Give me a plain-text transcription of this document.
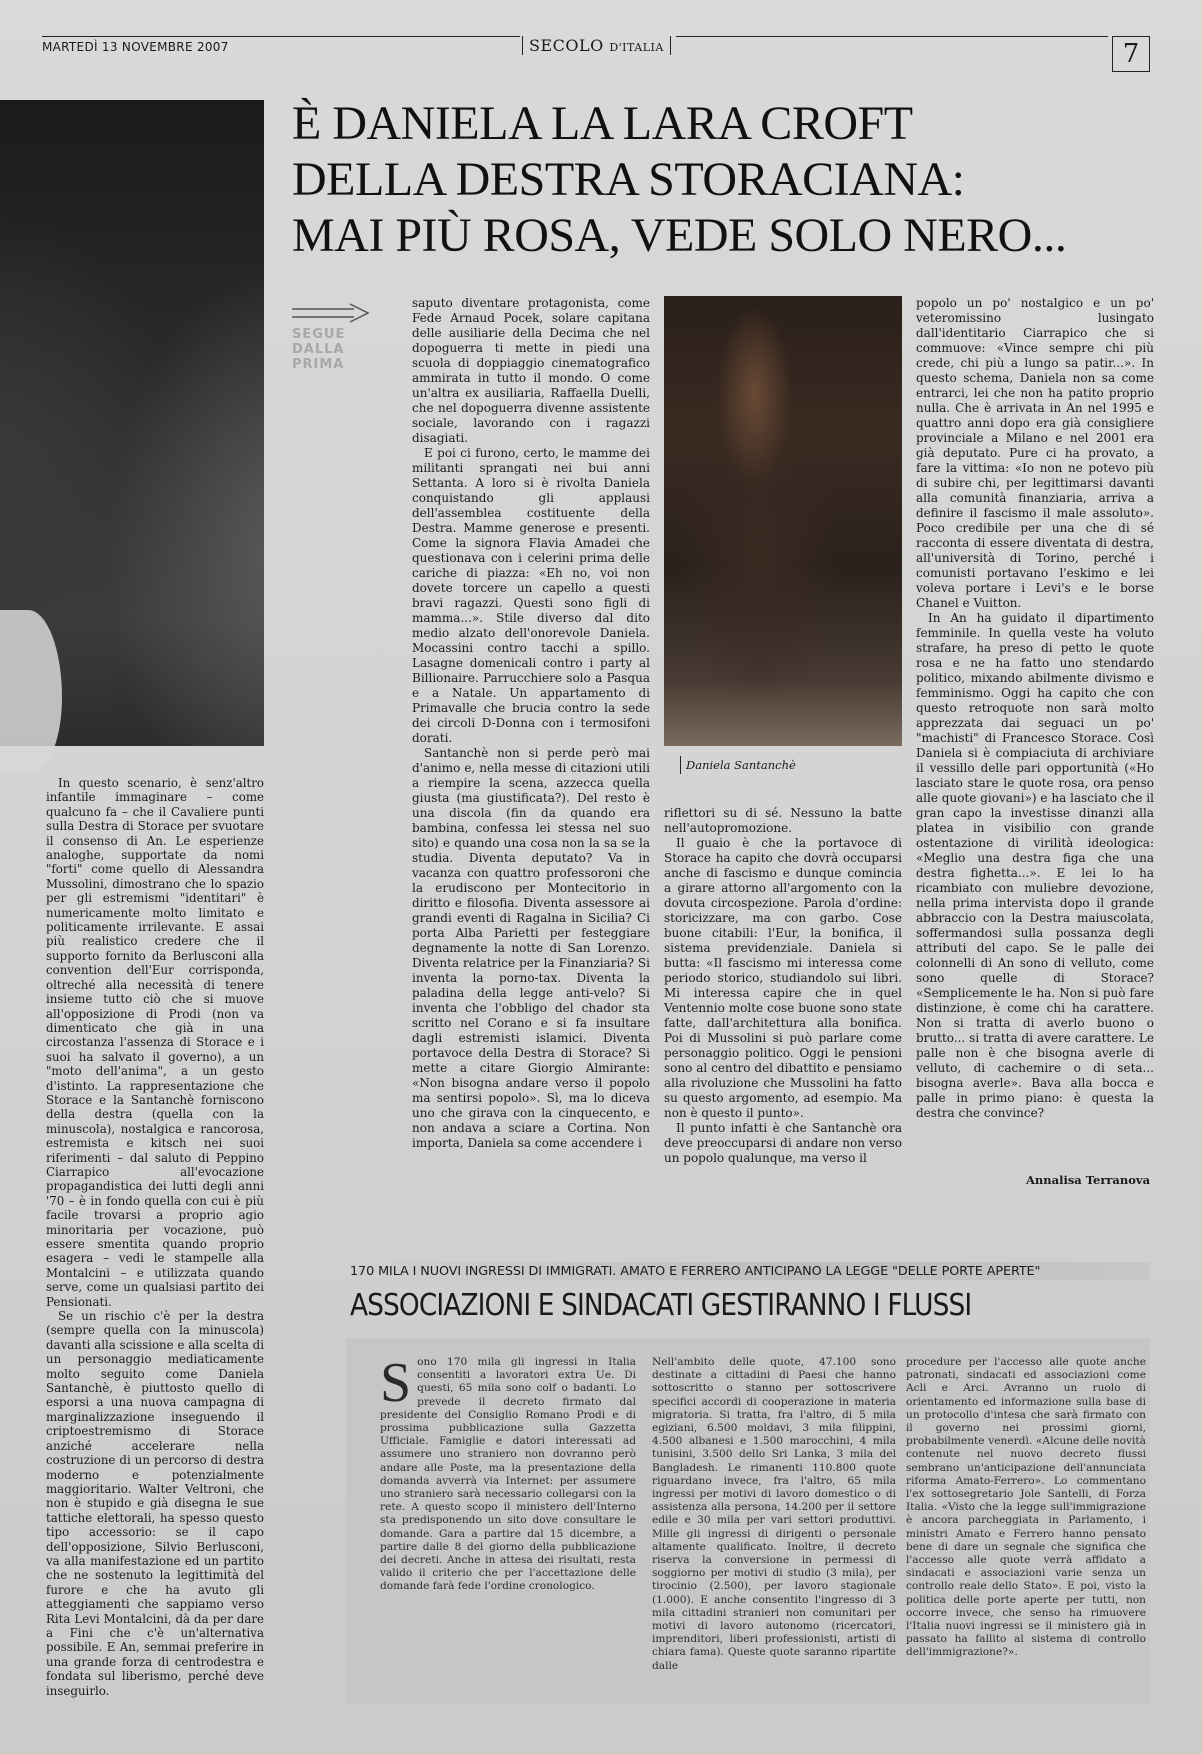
MARTEDÌ 13 NOVEMBRE 2007	SECOLO D'ITALIA	7
È DANIELA LA LARA CROFT
DELLA DESTRA STORACIANA:
MAI PIÙ ROSA, VEDE SOLO NERO...
SEGUE
DALLA
PRIMA

In questo scenario, è senz'altro infantile immaginare – come qualcuno fa – che il Cavaliere punti sulla Destra di Storace per svuotare il consenso di An. Le esperienze analoghe, supportate da nomi "forti" come quello di Alessandra Mussolini, dimostrano che lo spazio per gli estremismi "identitari" è numericamente molto limitato e politicamente irrilevante. E assai più realistico credere che il supporto fornito da Berlusconi alla convention dell'Eur corrisponda, oltreché alla necessità di tenere insieme tutto ciò che si muove all'opposizione di Prodi (non va dimenticato che già in una circostanza l'assenza di Storace e i suoi ha salvato il governo), a un "moto dell'anima", a un gesto d'istinto. La rappresentazione che Storace e la Santanchè forniscono della destra (quella con la minuscola), nostalgica e rancorosa, estremista e kitsch nei suoi riferimenti – dal saluto di Peppino Ciarrapico all'evocazione propagandistica dei lutti degli anni '70 – è in fondo quella con cui è più facile trovarsi a proprio agio minoritaria per vocazione, può essere smentita quando proprio esagera – vedi le stampelle alla Montalcini – e utilizzata quando serve, come un qualsiasi partito dei Pensionati.

Se un rischio c'è per la destra (sempre quella con la minuscola) davanti alla scissione e alla scelta di un personaggio mediaticamente molto seguito come Daniela Santanchè, è piuttosto quello di esporsi a una nuova campagna di marginalizzazione inseguendo il criptoestremismo di Storace anziché accelerare nella costruzione di un percorso di destra moderno e potenzialmente maggioritario. Walter Veltroni, che non è stupido e già disegna le sue tattiche elettorali, ha spesso questo tipo accessorio: se il capo dell'opposizione, Silvio Berlusconi, va alla manifestazione ed un partito che ne sostenuto la legittimità del furore e che ha avuto gli atteggiamenti che sappiamo verso Rita Levi Montalcini, dà da per dare a Fini che c'è un'alternativa possibile. E An, semmai preferire in una grande forza di centrodestra e fondata sul liberismo, perché deve inseguirlo.

saputo diventare protagonista, come Fede Arnaud Pocek, solare capitana delle ausiliarie della Decima che nel dopoguerra ti mette in piedi una scuola di doppiaggio cinematografico ammirata in tutto il mondo. O come un'altra ex ausiliaria, Raffaella Duelli, che nel dopoguerra divenne assistente sociale, lavorando con i ragazzi disagiati.

E poi ci furono, certo, le mamme dei militanti sprangati nei bui anni Settanta. A loro si è rivolta Daniela conquistando gli applausi dell'assemblea costituente della Destra. Mamme generose e presenti. Come la signora Flavia Amadei che questionava con i celerini prima delle cariche di piazza: «Eh no, voi non dovete torcere un capello a questi bravi ragazzi. Questi sono figli di mamma...». Stile diverso dal dito medio alzato dell'onorevole Daniela. Mocassini contro tacchi a spillo. Lasagne domenicali contro i party al Billionaire. Parrucchiere solo a Pasqua e a Natale. Un appartamento di Primavalle che brucia contro la sede dei circoli D-Donna con i termosifoni dorati.

Santanchè non si perde però mai d'animo e, nella messe di citazioni utili a riempire la scena, azzecca quella giusta (ma giustificata?). Del resto è una discola (fin da quando era bambina, confessa lei stessa nel suo sito) e quando una cosa non la sa se la studia. Diventa deputato? Va in vacanza con quattro professoroni che la erudiscono per Montecitorio in diritto e filosofia. Diventa assessore ai grandi eventi di Ragalna in Sicilia? Ci porta Alba Parietti per festeggiare degnamente la notte di San Lorenzo. Diventa relatrice per la Finanziaria? Si inventa la porno-tax. Diventa la paladina della legge anti-velo? Si inventa che l'obbligo del chador sta scritto nel Corano e si fa insultare dagli estremisti islamici. Diventa portavoce della Destra di Storace? Si mette a citare Giorgio Almirante: «Non bisogna andare verso il popolo ma sentirsi popolo». Sì, ma lo diceva uno che girava con la cinquecento, e non andava a sciare a Cortina. Non importa, Daniela sa come accendere i

Daniela Santanchè

riflettori su di sé. Nessuno la batte nell'autopromozione.

Il guaio è che la portavoce di Storace ha capito che dovrà occuparsi anche di fascismo e dunque comincia a girare attorno all'argomento con la dovuta circospezione. Parola d'ordine: storicizzare, ma con garbo. Cose buone citabili: l'Eur, la bonifica, il sistema previdenziale. Daniela si butta: «Il fascismo mi interessa come periodo storico, studiandolo sui libri. Mi interessa capire che in quel Ventennio molte cose buone sono state fatte, dall'architettura alla bonifica. Poi di Mussolini si può parlare come personaggio politico. Oggi le pensioni sono al centro del dibattito e pensiamo alla rivoluzione che Mussolini ha fatto su questo argomento, ad esempio. Ma non è questo il punto».

Il punto infatti è che Santanchè ora deve preoccuparsi di andare non verso un popolo qualunque, ma verso il

popolo un po' nostalgico e un po' veteromissino lusingato dall'identitario Ciarrapico che si commuove: «Vince sempre chi più crede, chi più a lungo sa patir...». In questo schema, Daniela non sa come entrarci, lei che non ha patito proprio nulla. Che è arrivata in An nel 1995 e quattro anni dopo era già consigliere provinciale a Milano e nel 2001 era già deputato. Pure ci ha provato, a fare la vittima: «Io non ne potevo più di subire chi, per legittimarsi davanti alla comunità finanziaria, arriva a definire il fascismo il male assoluto». Poco credibile per una che di sé racconta di essere diventata di destra, all'università di Torino, perché i comunisti portavano l'eskimo e lei voleva portare i Levi's e le borse Chanel e Vuitton.

In An ha guidato il dipartimento femminile. In quella veste ha voluto strafare, ha preso di petto le quote rosa e ne ha fatto uno stendardo politico, mixando abilmente divismo e femminismo. Oggi ha capito che con questo retroquote non sarà molto apprezzata dai seguaci un po' "machisti" di Francesco Storace. Così Daniela si è compiaciuta di archiviare il vessillo delle pari opportunità («Ho lasciato stare le quote rosa, ora penso alle quote giovani») e ha lasciato che il gran capo la investisse dinanzi alla platea in visibilio con grande ostentazione di virilità ideologica: «Meglio una destra figa che una destra fighetta...». E lei lo ha ricambiato con muliebre devozione, nella prima intervista dopo il grande abbraccio con la Destra maiuscolata, soffermandosi sulla possanza degli attributi del capo. Se le palle dei colonnelli di An sono di velluto, come sono quelle di Storace? «Semplicemente le ha. Non si può fare distinzione, è come chi ha carattere. Non si tratta di averlo buono o brutto... si tratta di avere carattere. Le palle non è che bisogna averle di velluto, di cachemire o di seta... bisogna averle». Bava alla bocca e palle in primo piano: è questa la destra che convince?

Annalisa Terranova
170 MILA I NUOVI INGRESSI DI IMMIGRATI. AMATO E FERRERO ANTICIPANO LA LEGGE "DELLE PORTE APERTE"
ASSOCIAZIONI E SINDACATI GESTIRANNO I FLUSSI
Sono 170 mila gli ingressi in Italia consentiti a lavoratori extra Ue. Di questi, 65 mila sono colf o badanti. Lo prevede il decreto firmato dal presidente del Consiglio Romano Prodi e di prossima pubblicazione sulla Gazzetta Ufficiale. Famiglie e datori interessati ad assumere uno straniero non dovranno però andare alle Poste, ma la presentazione della domanda avverrà via Internet: per assumere uno straniero sarà necessario collegarsi con la rete. A questo scopo il ministero dell'Interno sta predisponendo un sito dove consultare le domande. Gara a partire dal 15 dicembre, a partire dalle 8 del giorno della pubblicazione dei decreti. Anche in attesa dei risultati, resta valido il criterio che per l'accettazione delle domande farà fede l'ordine cronologico.

Nell'ambito delle quote, 47.100 sono destinate a cittadini di Paesi che hanno sottoscritto o stanno per sottoscrivere specifici accordi di cooperazione in materia migratoria. Si tratta, fra l'altro, di 5 mila egiziani, 6.500 moldavi, 3 mila filippini, 4.500 albanesi e 1.500 marocchini, 4 mila tunisini, 3.500 dello Sri Lanka, 3 mila del Bangladesh. Le rimanenti 110.800 quote riguardano invece, fra l'altro, 65 mila ingressi per motivi di lavoro domestico o di assistenza alla persona, 14.200 per il settore edile e 30 mila per vari settori produttivi. Mille gli ingressi di dirigenti o personale altamente qualificato. Inoltre, il decreto riserva la conversione in permessi di soggiorno per motivi di studio (3 mila), per tirocinio (2.500), per lavoro stagionale (1.000). E anche consentito l'ingresso di 3 mila cittadini stranieri non comunitari per motivi di lavoro autonomo (ricercatori, imprenditori, liberi professionisti, artisti di chiara fama). Queste quote saranno ripartite dalle

procedure per l'accesso alle quote anche patronati, sindacati ed associazioni come Acli e Arci. Avranno un ruolo di orientamento ed informazione sulla base di un protocollo d'intesa che sarà firmato con il governo nei prossimi giorni, probabilmente venerdì. «Alcune delle novità contenute nel nuovo decreto flussi sembrano un'anticipazione dell'annunciata riforma Amato-Ferrero». Lo commentano l'ex sottosegretario Jole Santelli, di Forza Italia. «Visto che la legge sull'immigrazione è ancora parcheggiata in Parlamento, i ministri Amato e Ferrero hanno pensato bene di dare un segnale che significa che l'accesso alle quote verrà affidato a sindacati e associazioni varie senza un controllo reale dello Stato». E poi, visto la politica delle porte aperte per tutti, non occorre invece, che senso ha rimuovere l'Italia nuovi ingressi se il ministero già in passato ha fallito al sistema di controllo dell'immigrazione?».
